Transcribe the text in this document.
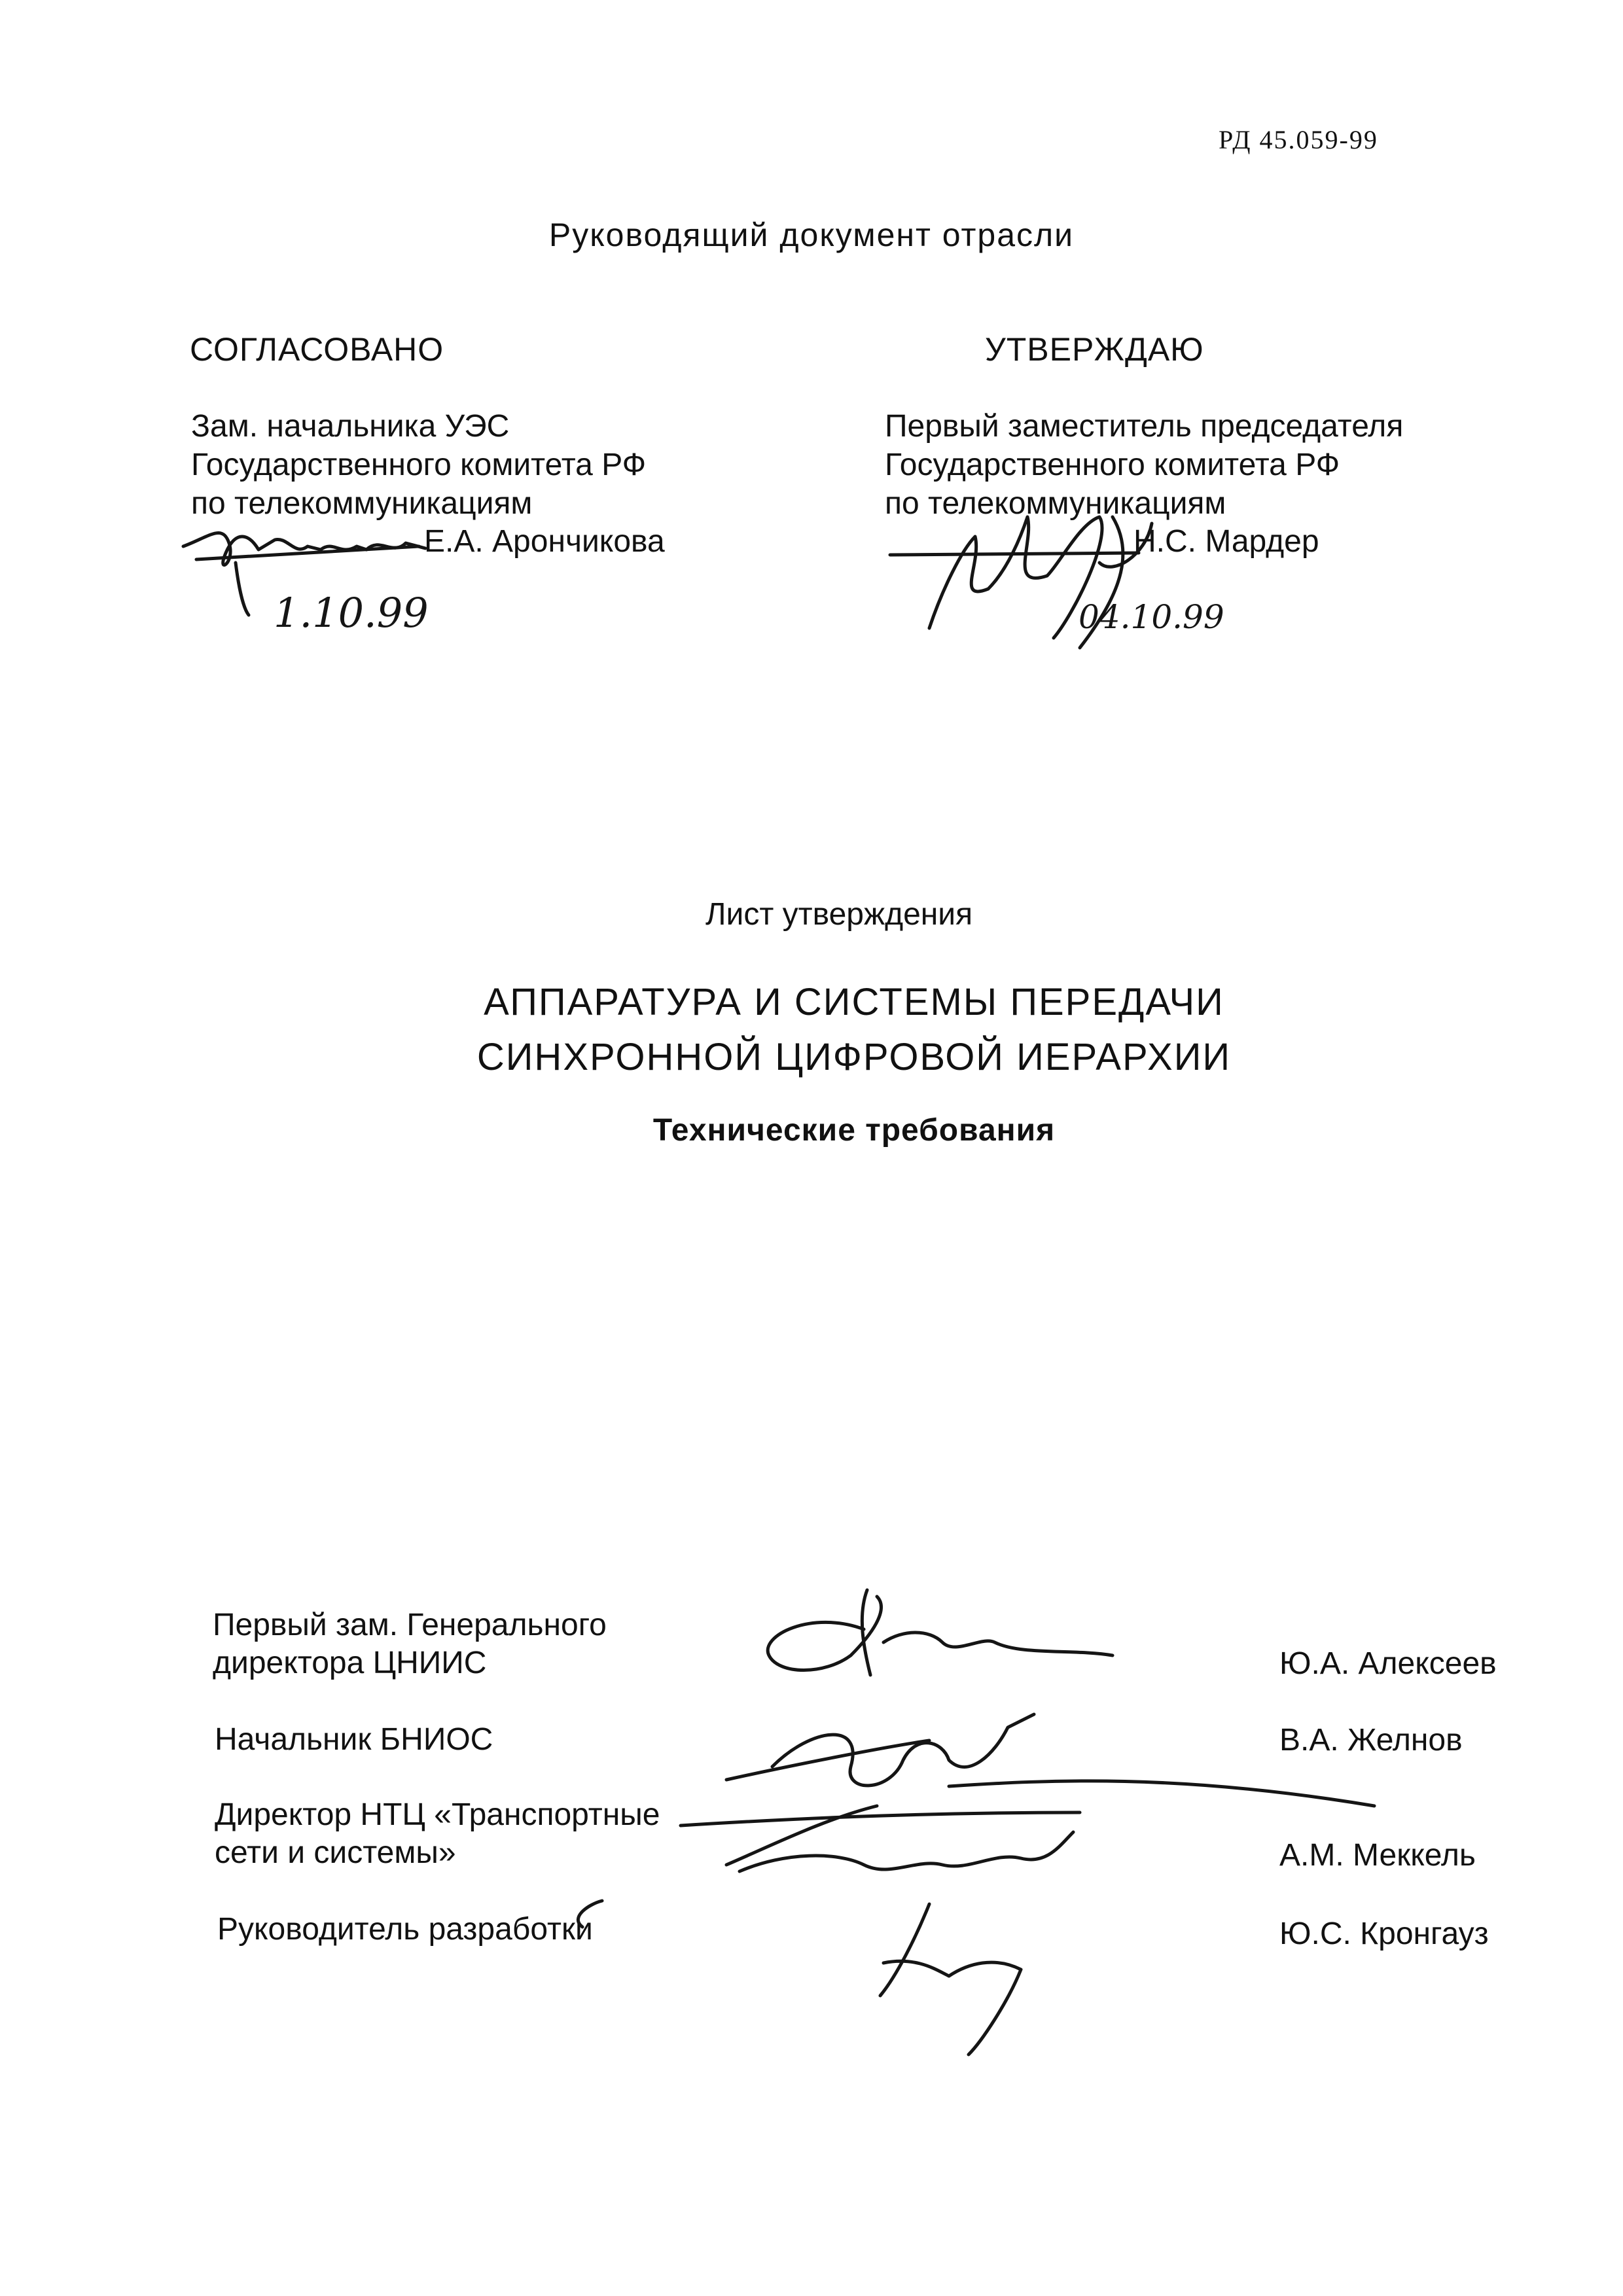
РД 45.059-99
Руководящий документ отрасли
СОГЛАСОВАНО
Зам. начальника УЭС
Государственного комитета РФ
по телекоммуникациям
Е.А. Арончикова
УТВЕРЖДАЮ
Первый заместитель председателя
Государственного комитета РФ
по телекоммуникациям
Н.С. Мардер
Лист утверждения
АППАРАТУРА И СИСТЕМЫ ПЕРЕДАЧИ
СИНХРОННОЙ ЦИФРОВОЙ ИЕРАРХИИ
Технические требования
Первый зам. Генерального
директора ЦНИИС	Ю.А. Алексеев
Начальник БНИОС	В.А. Желнов
Директор НТЦ «Транспортные
сети и системы»	А.М. Меккель
Руководитель разработки	Ю.С. Кронгауз
1.10.99	04.10.99
